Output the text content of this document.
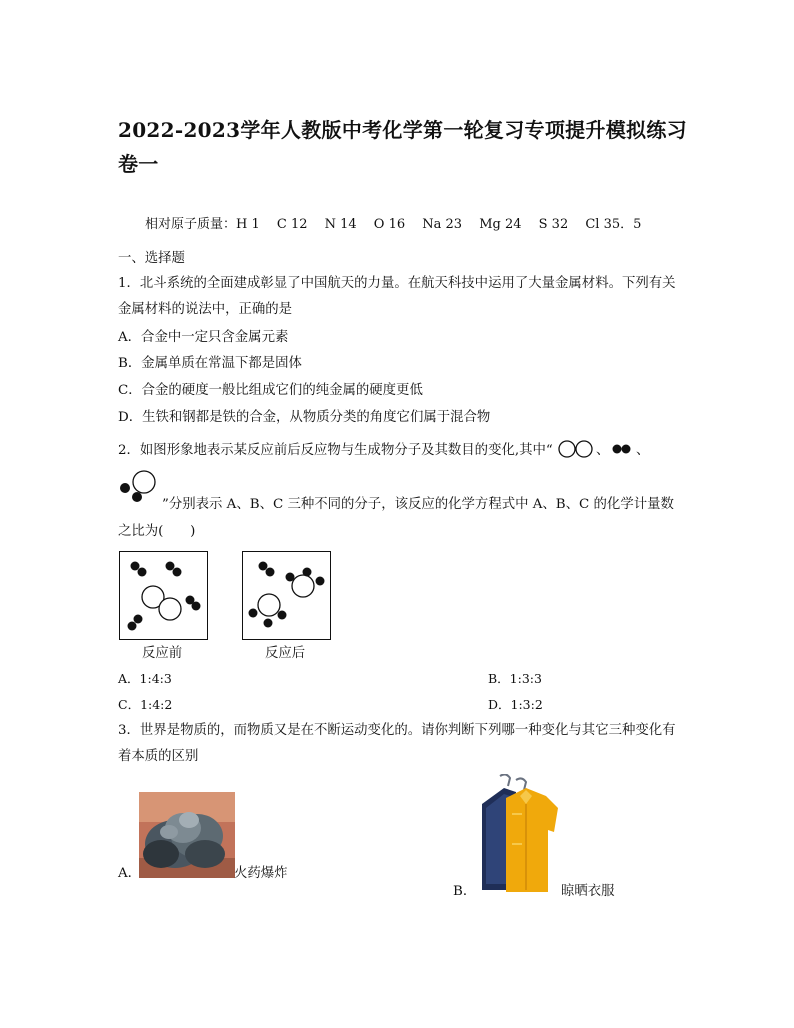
2022-2023学年人教版中考化学第一轮复习专项提升模拟练习
卷一
相对原子质量：H 1　 C 12　 N 14　 O 16　 Na 23　 Mg 24　 S 32　 Cl 35．5
一、选择题
1．北斗系统的全面建成彰显了中国航天的力量。在航天科技中运用了大量金属材料。下列有关
金属材料的说法中，正确的是
A．合金中一定只含金属元素
B．金属单质在常温下都是固体
C．合金的硬度一般比组成它们的纯金属的硬度更低
D．生铁和钢都是铁的合金，从物质分类的角度它们属于混合物
2．如图形象地表示某反应前后反应物与生成物分子及其数目的变化,其中“	、 、
”分别表示 A、B、C 三种不同的分子，该反应的化学方程式中 A、B、C 的化学计量数
之比为(　　)
反应前	反应后
A．1:4:3	B．1:3:3
C．1:4:2	D．1:3:2
3．世界是物质的，而物质又是在不断运动变化的。请你判断下列哪一种变化与其它三种变化有
着本质的区别
A．	火药爆炸
B．	晾晒衣服
